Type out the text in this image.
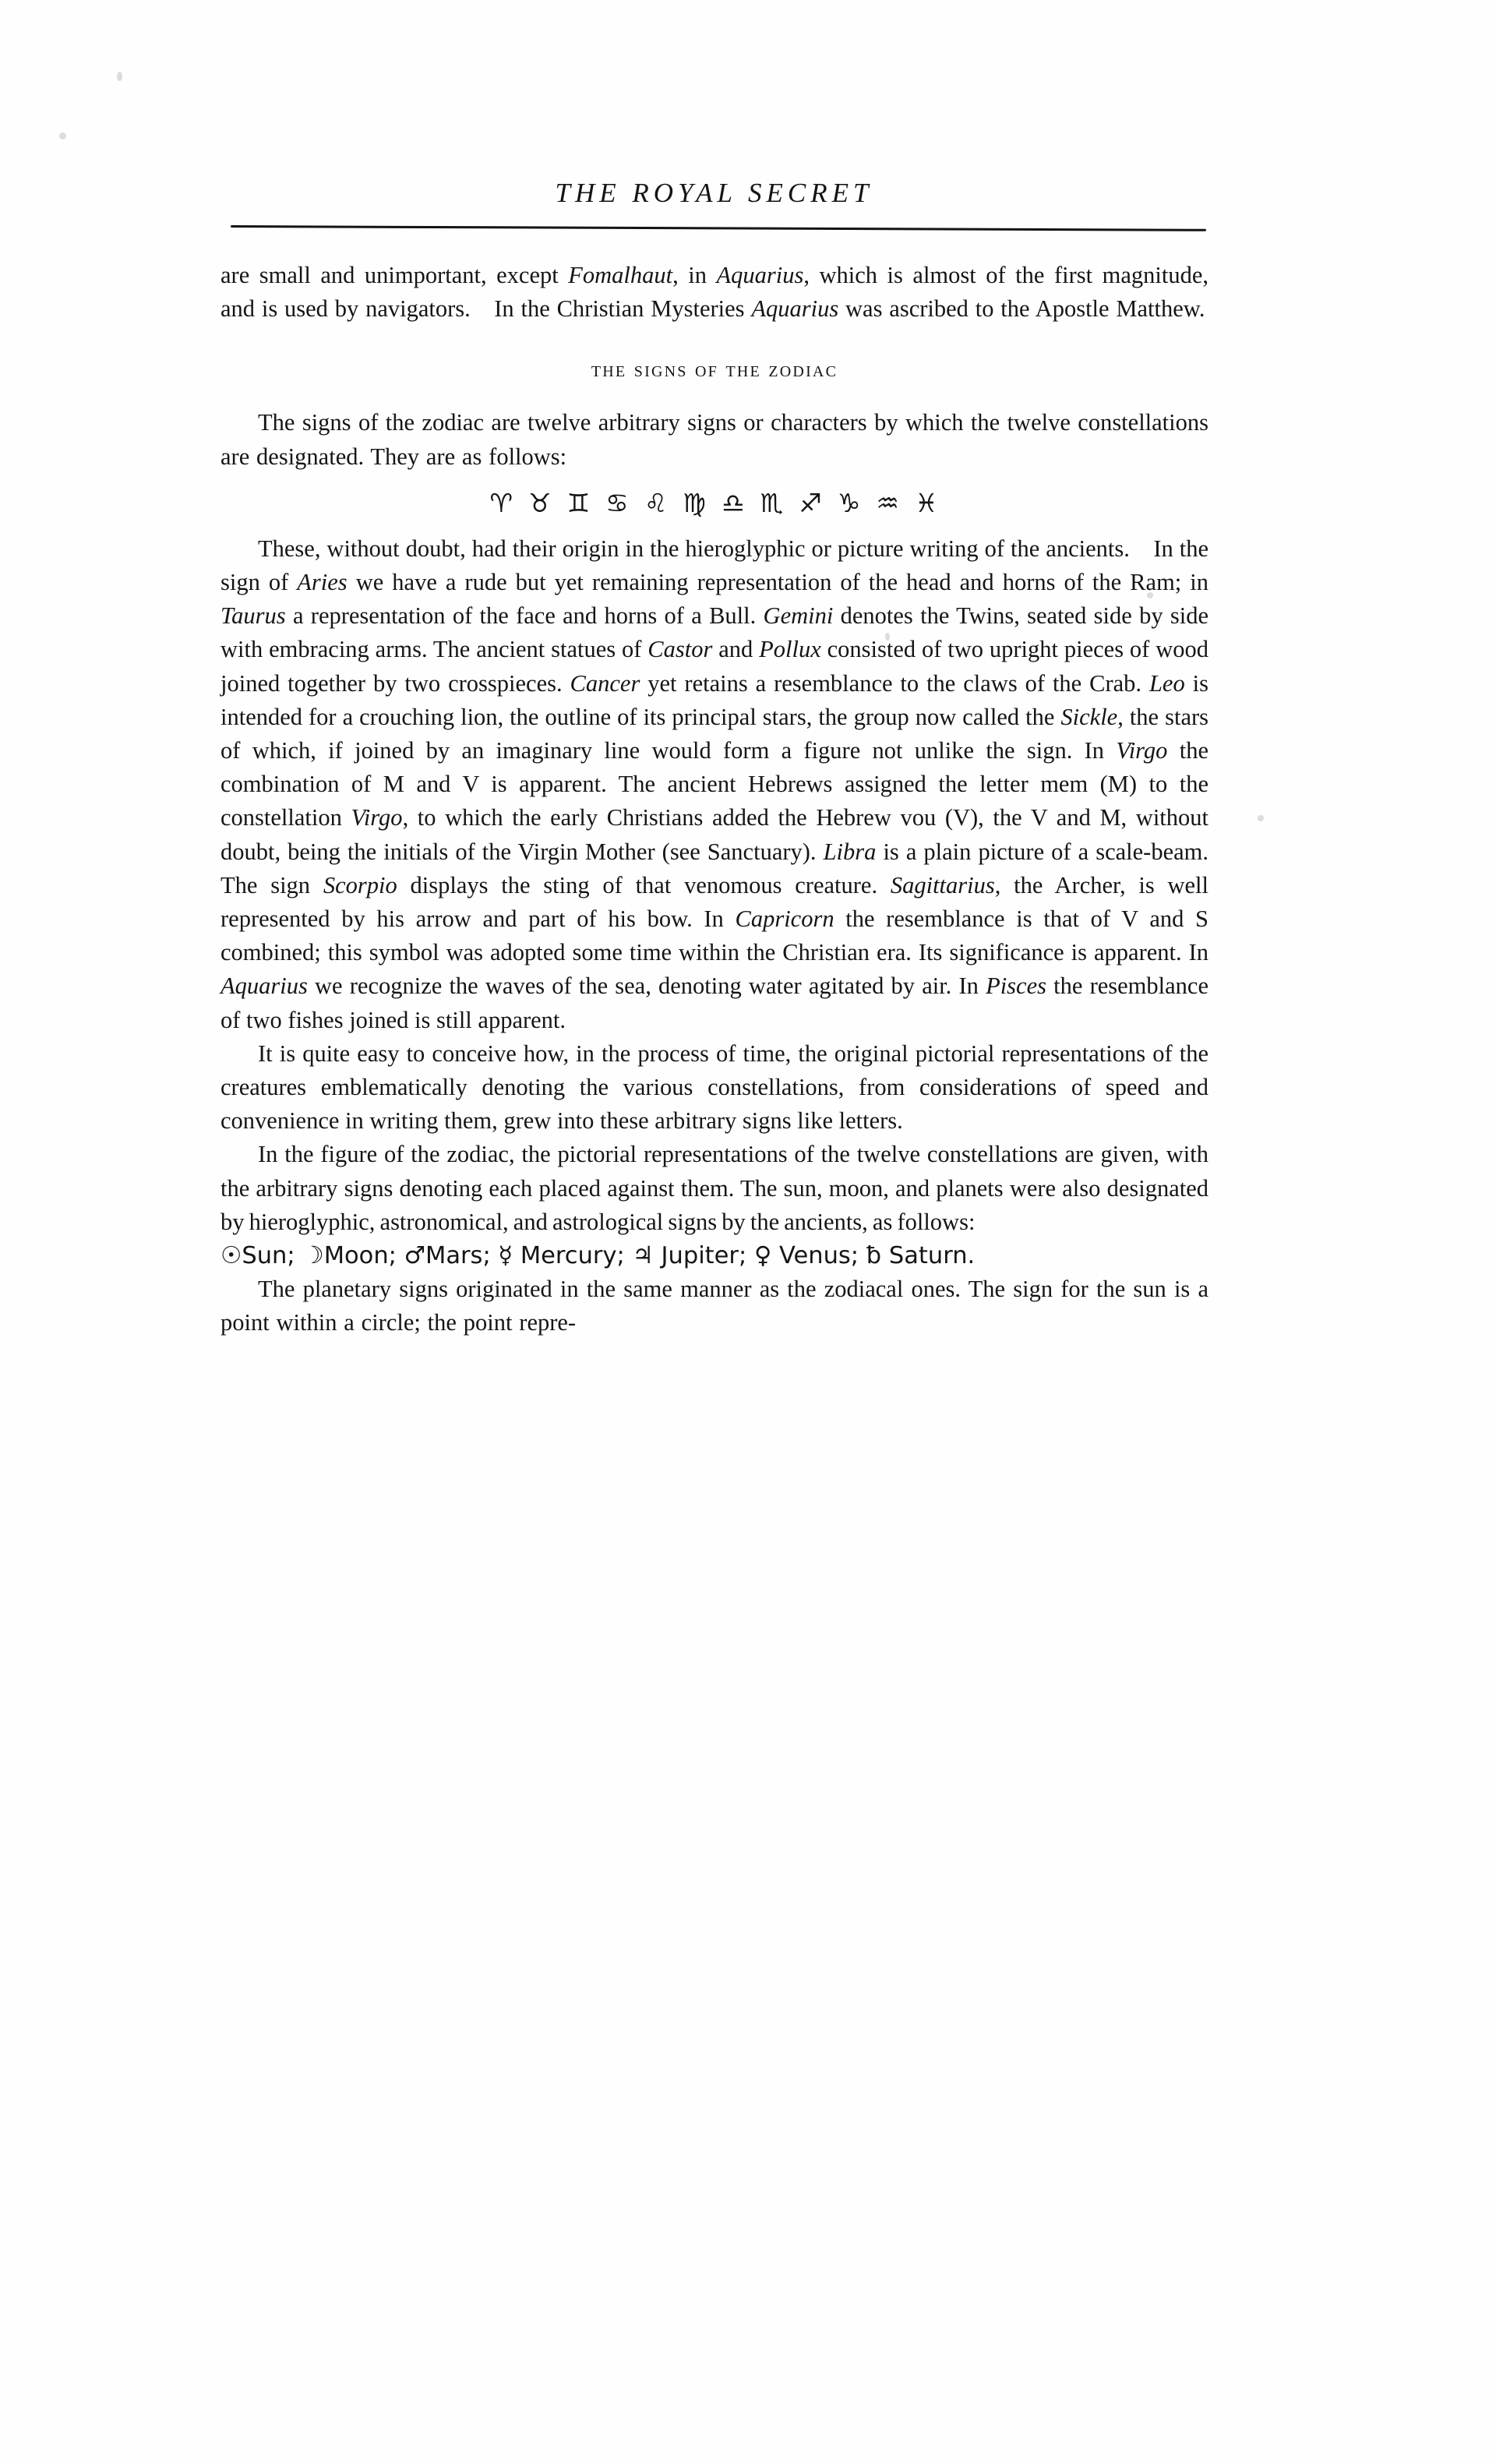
THE ROYAL SECRET

are small and unimportant, except Fomalhaut, in Aquarius, which is almost of the first magnitude, and is used by navigators. In the Christian Mysteries Aquarius was ascribed to the Apostle Matthew.

the signs of the zodiac

The signs of the zodiac are twelve arbitrary signs or characters by which the twelve constellations are designated. They are as follows:

♈ ♉ ♊ ♋ ♌ ♍ ♎ ♏ ♐ ♑ ♒ ♓

These, without doubt, had their origin in the hieroglyphic or picture writing of the ancients.  In the sign of Aries we have a rude but yet remaining representation of the head and horns of the Ram; in Taurus a representation of the face and horns of a Bull. Gemini denotes the Twins, seated side by side with embracing arms. The ancient statues of Castor and Pollux consisted of two upright pieces of wood joined together by two crosspieces. Cancer yet retains a resemblance to the claws of the Crab. Leo is intended for a crouching lion, the outline of its principal stars, the group now called the Sickle, the stars of which, if joined by an imaginary line would form a figure not unlike the sign. In Virgo the combination of M and V is apparent. The ancient Hebrews assigned the letter mem (M) to the constellation Virgo, to which the early Christians added the Hebrew vou (V), the V and M, without doubt, being the initials of the Virgin Mother (see Sanctuary). Libra is a plain picture of a scale-beam. The sign Scorpio displays the sting of that venomous creature. Sagittarius, the Archer, is well represented by his arrow and part of his bow. In Capricorn the resemblance is that of V and S combined; this symbol was adopted some time within the Christian era. Its significance is apparent. In Aquarius we recognize the waves of the sea, denoting water agitated by air. In Pisces the resemblance of two fishes joined is still apparent.

It is quite easy to conceive how, in the process of time, the original pictorial representations of the creatures emblematically denoting the various constellations, from considerations of speed and convenience in writing them, grew into these arbitrary signs like letters.

In the figure of the zodiac, the pictorial representations of the twelve constellations are given, with the arbitrary signs denoting each placed against them. The sun, moon, and planets were also designated by hieroglyphic, astronomical, and astrological signs by the ancients, as follows:

☉Sun; ☽Moon; ♂Mars; ☿ Mercury; ♃ Jupiter; ♀ Venus; ƀ Saturn.

The planetary signs originated in the same manner as the zodiacal ones. The sign for the sun is a point within a circle; the point repre-
